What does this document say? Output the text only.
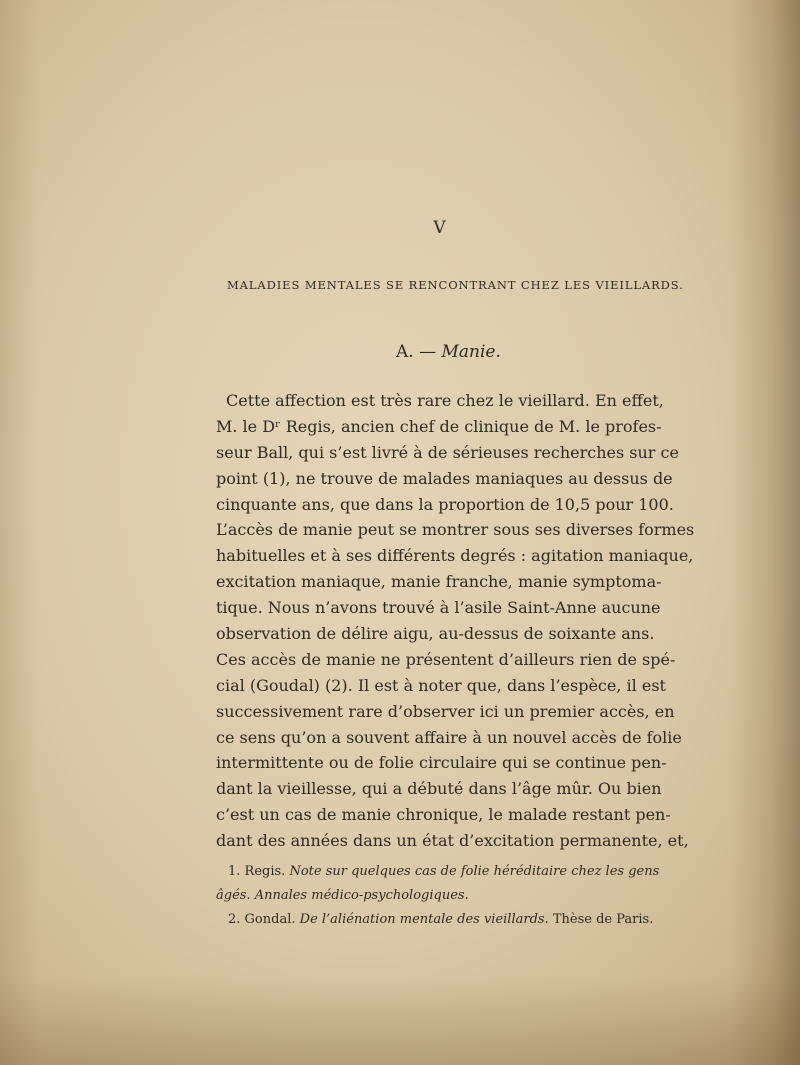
V
MALADIES MENTALES SE RENCONTRANT CHEZ LES VIEILLARDS.
A. — Manie.
Cette affection est très rare chez le vieillard. En effet,
M. le Dʳ Regis, ancien chef de clinique de M. le profes-
seur Ball, qui s’est livré à de sérieuses recherches sur ce
point (1), ne trouve de malades maniaques au dessus de
cinquante ans, que dans la proportion de 10,5 pour 100.
L’accès de manie peut se montrer sous ses diverses formes
habituelles et à ses différents degrés : agitation maniaque,
excitation maniaque, manie franche, manie symptoma-
tique. Nous n’avons trouvé à l’asile Saint-Anne aucune
observation de délire aigu, au-dessus de soixante ans.
Ces accès de manie ne présentent d’ailleurs rien de spé-
cial (Goudal) (2). Il est à noter que, dans l’espèce, il est
successivement rare d’observer ici un premier accès, en
ce sens qu’on a souvent affaire à un nouvel accès de folie
intermittente ou de folie circulaire qui se continue pen-
dant la vieillesse, qui a débuté dans l’âge mûr. Ou bien
c’est un cas de manie chronique, le malade restant pen-
dant des années dans un état d’excitation permanente, et,
1. Regis. Note sur quelques cas de folie héréditaire chez les gens
âgés. Annales médico-psychologiques.
2. Gondal. De l’aliénation mentale des vieillards. Thèse de Paris.
